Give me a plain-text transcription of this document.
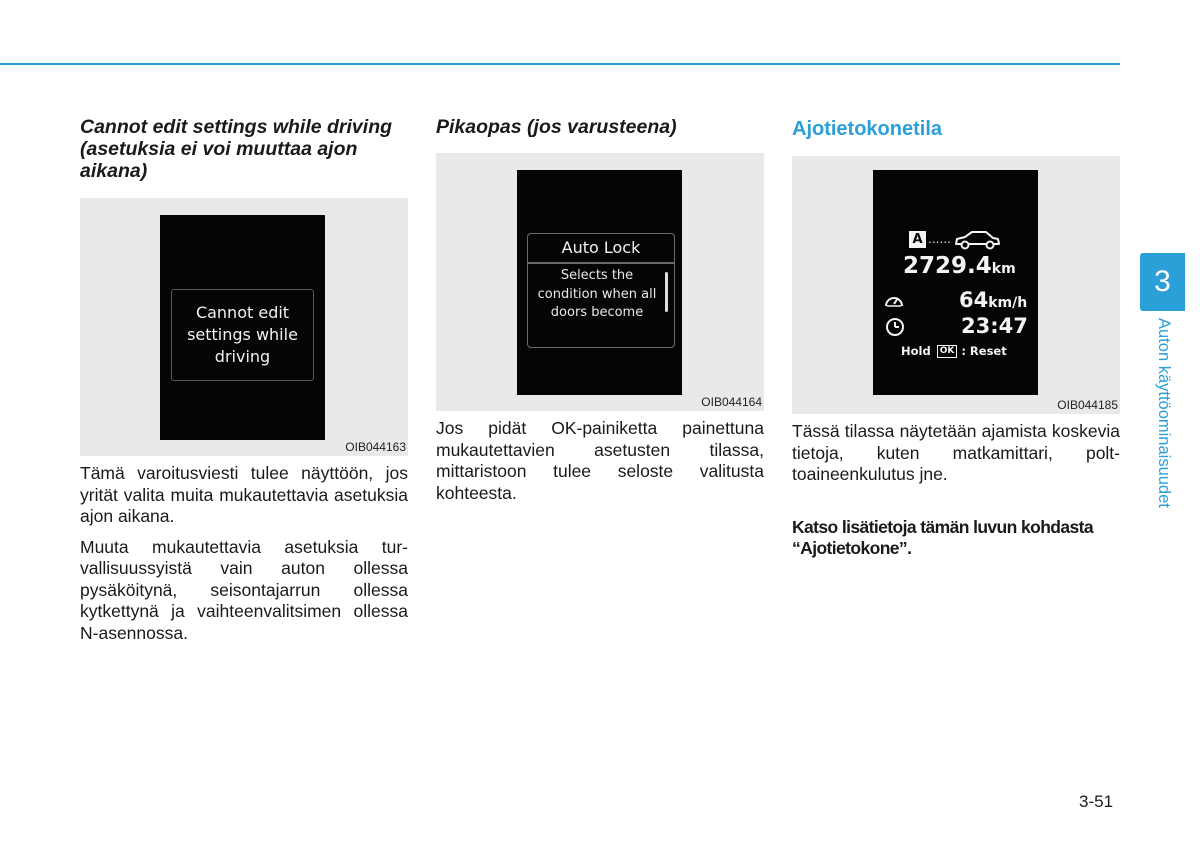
Cannot edit settings while driving (asetuksia ei voi muuttaa ajon aikana)
Cannot edit settings while driving
OIB044163

Tämä varoitusviesti tulee näyttöön, jos yrität valita muita mukautettavia asetuksia ajon aikana.

Muuta mukautettavia asetuksia turvallisuussyistä vain auton ollessa pysäköitynä, seisontajarrun ollessa kytkettynä ja vaihteenvalitsimen ollessa N-asennossa.

Pikaopas (jos varusteena)
Auto Lock
Selects the condition when all doors become
OIB044164

Jos pidät OK-painiketta painettuna mukautettavien asetusten tilassa, mittaristoon tulee seloste valitusta kohteesta.

Ajotietokonetila
A ......
2729.4km
64km/h
23:47
Hold	OK : Reset
OIB044185

Tässä tilassa näytetään ajamista koskevia tietoja, kuten matkamittari, polttoaineenkulutus jne.

Katso lisätietoja tämän luvun kohdasta “Ajotietokone”.

3
Auton käyttöominaisuudet
3-51
